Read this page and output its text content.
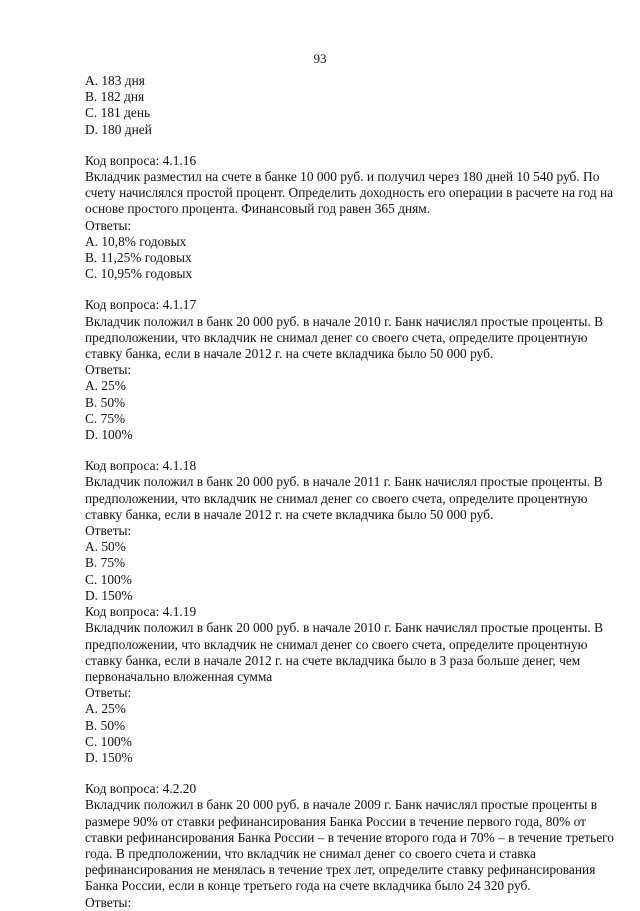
93
A. 183 дня
B. 182 дня
C. 181 день
D. 180 дней
Код вопроса: 4.1.16
Вкладчик разместил на счете в банке 10 000 руб. и получил через 180 дней 10 540 руб. По
счету начислялся простой процент. Определить доходность его операции в расчете на год на
основе простого процента. Финансовый год равен 365 дням.
Ответы:
A. 10,8% годовых
B. 11,25% годовых
C. 10,95% годовых
Код вопроса: 4.1.17
Вкладчик положил в банк 20 000 руб. в начале 2010 г. Банк начислял простые проценты. В
предположении, что вкладчик не снимал денег со своего счета, определите процентную
ставку банка, если в начале 2012 г. на счете вкладчика было 50 000 руб.
Ответы:
A. 25%
B. 50%
C. 75%
D. 100%
Код вопроса: 4.1.18
Вкладчик положил в банк 20 000 руб. в начале 2011 г. Банк начислял простые проценты. В
предположении, что вкладчик не снимал денег со своего счета, определите процентную
ставку банка, если в начале 2012 г. на счете вкладчика было 50 000 руб.
Ответы:
A. 50%
B. 75%
C. 100%
D. 150%
Код вопроса: 4.1.19
Вкладчик положил в банк 20 000 руб. в начале 2010 г. Банк начислял простые проценты. В
предположении, что вкладчик не снимал денег со своего счета, определите процентную
ставку банка, если в начале 2012 г. на счете вкладчика было в 3 раза больше денег, чем
первоначально вложенная сумма
Ответы:
A. 25%
B. 50%
C. 100%
D. 150%
Код вопроса: 4.2.20
Вкладчик положил в банк 20 000 руб. в начале 2009 г. Банк начислял простые проценты в
размере 90% от ставки рефинансирования Банка России в течение первого года, 80% от
ставки рефинансирования Банка России – в течение второго года и 70% – в течение третьего
года. В предположении, что вкладчик не снимал денег со своего счета и ставка
рефинансирования не менялась в течение трех лет, определите ставку рефинансирования
Банка России, если в конце третьего года на счете вкладчика было 24 320 руб.
Ответы:
